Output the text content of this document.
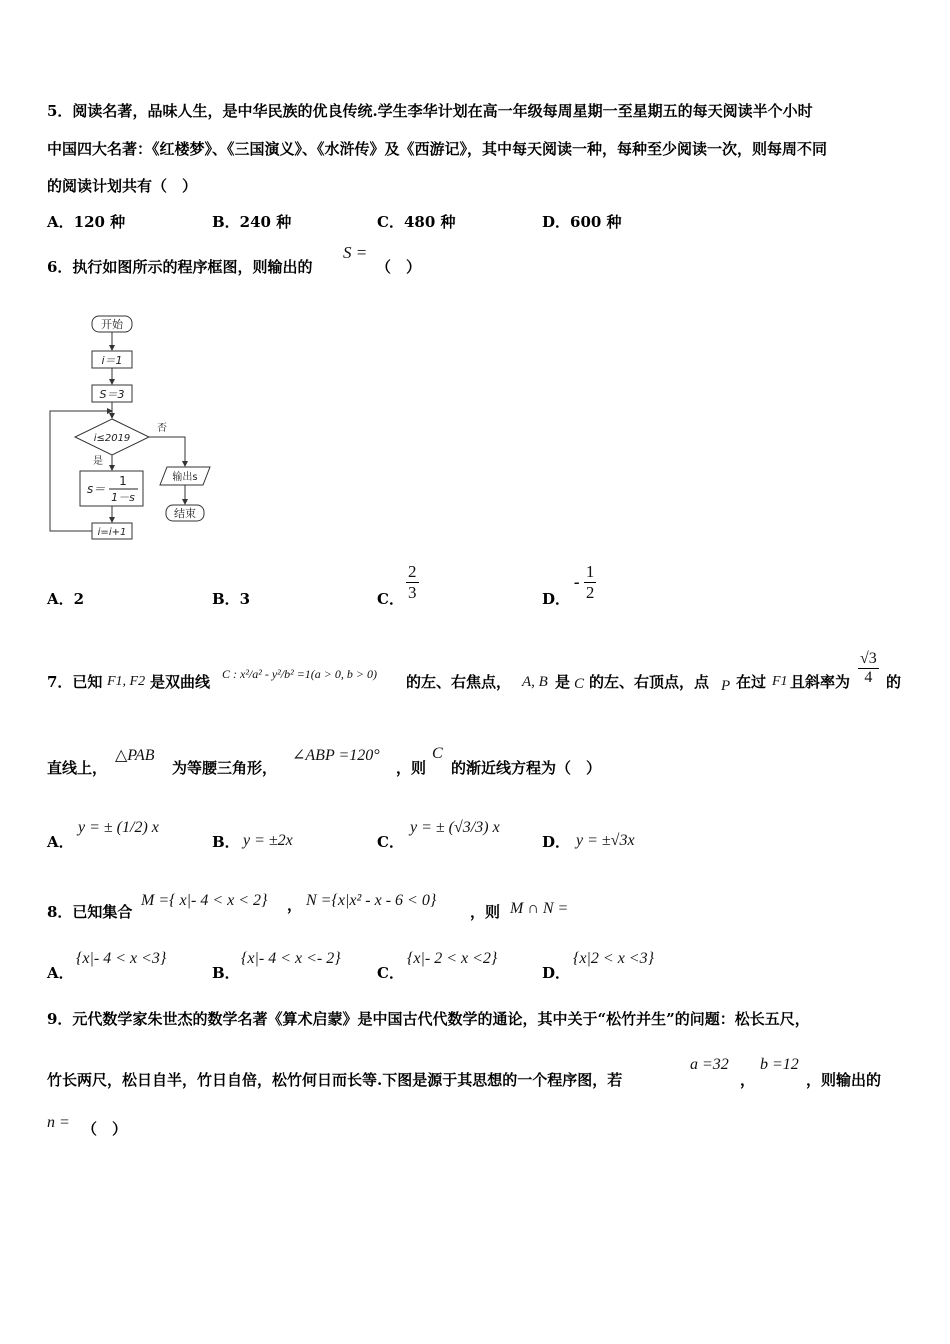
5．阅读名著，品味人生，是中华民族的优良传统.学生李华计划在高一年级每周星期一至星期五的每天阅读半个小时
中国四大名著：《红楼梦》、《三国演义》、《水浒传》及《西游记》，其中每天阅读一种，每种至少阅读一次，则每周不同
的阅读计划共有（　）
A．120 种	B．240 种	C．480 种	D．600 种
6．执行如图所示的程序框图，则输出的
S =
（　）
开始
i＝1
S＝3
i≤2019
否
是
s＝
1
1－s
输出s
结束
i=i+1
A．2	B．3	C． $\frac{2}{3}$	D．
- $\frac{1}{2}$
7．已知 F1, F2 是双曲线 C : x²/a² - y²/b² =1(a > 0, b > 0) 的左、右焦点， A, B 是 C 的左、右顶点，点 P 在过 F1 且斜率为 $\frac{√3}{4}$ 的
直线上，
△PAB
为等腰三角形，
∠ABP =120°
，则
C
的渐近线方程为（　）
A．
y = ± (1/2) x
B． y = ±2x	C．
y = ± (√3/3) x
D． y = ±√3x
8．已知集合
M ={ x|- 4 < x < 2} ， N ={x|x² - x - 6 < 0}
，则 M ∩ N =
A．
{x|- 4 < x <3}
B．
{x|- 4 < x <- 2}
C．
{x|- 2 < x <2}
D．
{x|2 < x <3}
9．元代数学家朱世杰的数学名著《算术启蒙》是中国古代代数学的通论，其中关于“松竹并生”的问题：松长五尺，
竹长两尺，松日自半，竹日自倍，松竹何日而长等.下图是源于其思想的一个程序图，若
a =32
，
b =12
，则输出的
n = （　）
